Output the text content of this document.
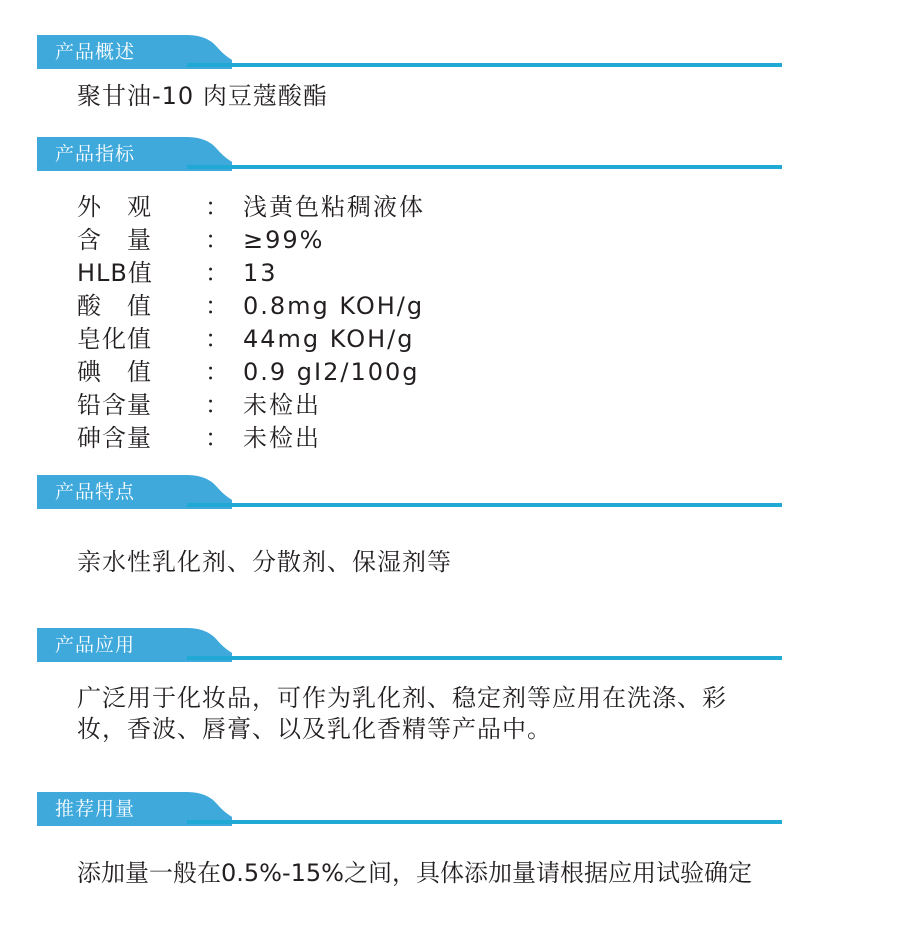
产品概述
聚甘油-10 肉豆蔻酸酯
产品指标
外　观	： 浅黄色粘稠液体
含　量	： ≥99%
HLB值	： 13
酸　值	： 0.8mg KOH/g
皂化值	： 44mg KOH/g
碘　值	： 0.9 gI2/100g
铅含量	： 未检出
砷含量	： 未检出
产品特点
亲水性乳化剂、分散剂、保湿剂等
产品应用
广泛用于化妆品，可作为乳化剂、稳定剂等应用在洗涤、彩
妆，香波、唇膏、以及乳化香精等产品中。
推荐用量
添加量一般在0.5%-15%之间，具体添加量请根据应用试验确定
